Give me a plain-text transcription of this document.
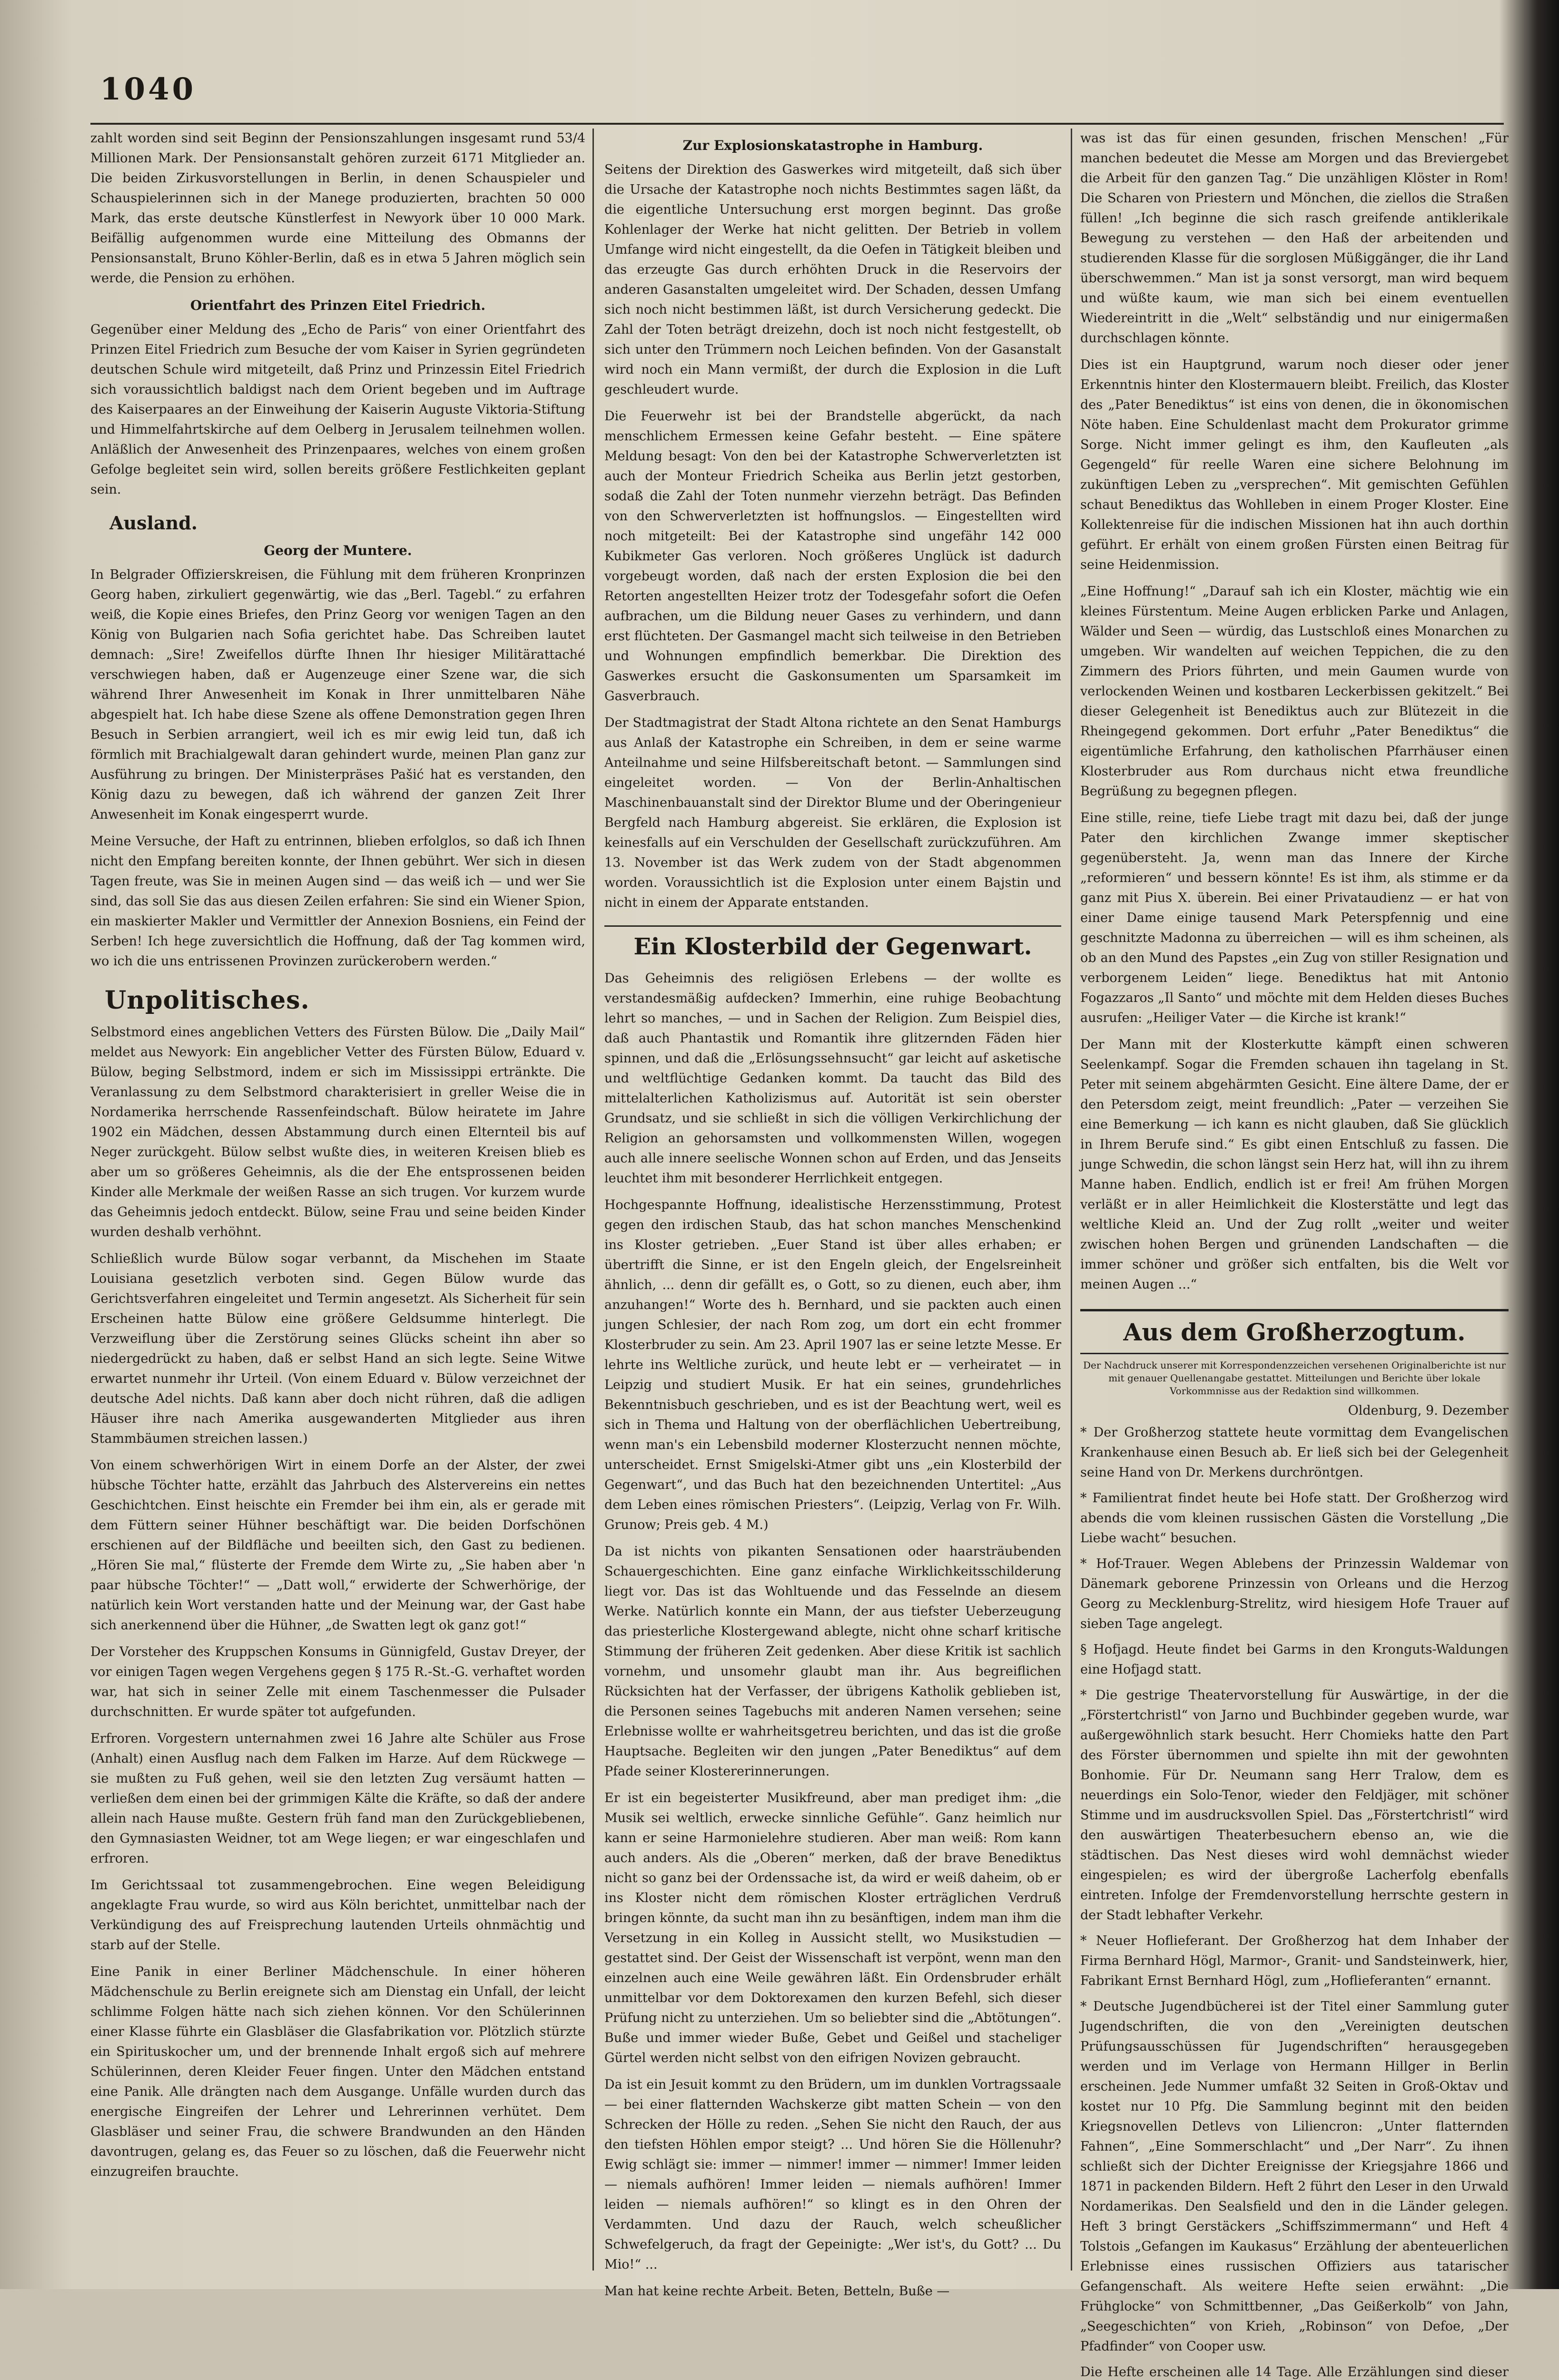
1040

zahlt worden sind seit Beginn der Pensionszahlungen insgesamt rund 53/4 Millionen Mark. Der Pensionsanstalt gehören zurzeit 6171 Mitglieder an. Die beiden Zirkusvorstellungen in Berlin, in denen Schauspieler und Schauspielerinnen sich in der Manege produzierten, brachten 50 000 Mark, das erste deutsche Künstlerfest in Newyork über 10 000 Mark. Beifällig aufgenommen wurde eine Mitteilung des Obmanns der Pensionsanstalt, Bruno Köhler-Berlin, daß es in etwa 5 Jahren möglich sein werde, die Pension zu erhöhen.

Orientfahrt des Prinzen Eitel Friedrich.

Gegenüber einer Meldung des „Echo de Paris“ von einer Orientfahrt des Prinzen Eitel Friedrich zum Besuche der vom Kaiser in Syrien gegründeten deutschen Schule wird mitgeteilt, daß Prinz und Prinzessin Eitel Friedrich sich voraussichtlich baldigst nach dem Orient begeben und im Auftrage des Kaiserpaares an der Einweihung der Kaiserin Auguste Viktoria-Stiftung und Himmelfahrtskirche auf dem Oelberg in Jerusalem teilnehmen wollen. Anläßlich der Anwesenheit des Prinzenpaares, welches von einem großen Gefolge begleitet sein wird, sollen bereits größere Festlichkeiten geplant sein.

Ausland.
Georg der Muntere.

In Belgrader Offizierskreisen, die Fühlung mit dem früheren Kronprinzen Georg haben, zirkuliert gegenwärtig, wie das „Berl. Tagebl.“ zu erfahren weiß, die Kopie eines Briefes, den Prinz Georg vor wenigen Tagen an den König von Bulgarien nach Sofia gerichtet habe. Das Schreiben lautet demnach: „Sire! Zweifellos dürfte Ihnen Ihr hiesiger Militärattaché verschwiegen haben, daß er Augenzeuge einer Szene war, die sich während Ihrer Anwesenheit im Konak in Ihrer unmittelbaren Nähe abgespielt hat. Ich habe diese Szene als offene Demonstration gegen Ihren Besuch in Serbien arrangiert, weil ich es mir ewig leid tun, daß ich förmlich mit Brachialgewalt daran gehindert wurde, meinen Plan ganz zur Ausführung zu bringen. Der Ministerpräses Pašić hat es verstanden, den König dazu zu bewegen, daß ich während der ganzen Zeit Ihrer Anwesenheit im Konak eingesperrt wurde.

Meine Versuche, der Haft zu entrinnen, blieben erfolglos, so daß ich Ihnen nicht den Empfang bereiten konnte, der Ihnen gebührt. Wer sich in diesen Tagen freute, was Sie in meinen Augen sind — das weiß ich — und wer Sie sind, das soll Sie das aus diesen Zeilen erfahren: Sie sind ein Wiener Spion, ein maskierter Makler und Vermittler der Annexion Bosniens, ein Feind der Serben! Ich hege zuversichtlich die Hoffnung, daß der Tag kommen wird, wo ich die uns entrissenen Provinzen zurückerobern werden.“

Unpolitisches.

Selbstmord eines angeblichen Vetters des Fürsten Bülow. Die „Daily Mail“ meldet aus Newyork: Ein angeblicher Vetter des Fürsten Bülow, Eduard v. Bülow, beging Selbstmord, indem er sich im Mississippi ertränkte. Die Veranlassung zu dem Selbstmord charakterisiert in greller Weise die in Nordamerika herrschende Rassenfeindschaft. Bülow heiratete im Jahre 1902 ein Mädchen, dessen Abstammung durch einen Elternteil bis auf Neger zurückgeht. Bülow selbst wußte dies, in weiteren Kreisen blieb es aber um so größeres Geheimnis, als die der Ehe entsprossenen beiden Kinder alle Merkmale der weißen Rasse an sich trugen. Vor kurzem wurde das Geheimnis jedoch entdeckt. Bülow, seine Frau und seine beiden Kinder wurden deshalb verhöhnt.

Schließlich wurde Bülow sogar verbannt, da Mischehen im Staate Louisiana gesetzlich verboten sind. Gegen Bülow wurde das Gerichtsverfahren eingeleitet und Termin angesetzt. Als Sicherheit für sein Erscheinen hatte Bülow eine größere Geldsumme hinterlegt. Die Verzweiflung über die Zerstörung seines Glücks scheint ihn aber so niedergedrückt zu haben, daß er selbst Hand an sich legte. Seine Witwe erwartet nunmehr ihr Urteil. (Von einem Eduard v. Bülow verzeichnet der deutsche Adel nichts. Daß kann aber doch nicht rühren, daß die adligen Häuser ihre nach Amerika ausgewanderten Mitglieder aus ihren Stammbäumen streichen lassen.)

Von einem schwerhörigen Wirt in einem Dorfe an der Alster, der zwei hübsche Töchter hatte, erzählt das Jahrbuch des Alstervereins ein nettes Geschichtchen. Einst heischte ein Fremder bei ihm ein, als er gerade mit dem Füttern seiner Hühner beschäftigt war. Die beiden Dorfschönen erschienen auf der Bildfläche und beeilten sich, den Gast zu bedienen. „Hören Sie mal,“ flüsterte der Fremde dem Wirte zu, „Sie haben aber 'n paar hübsche Töchter!“ — „Datt woll,“ erwiderte der Schwerhörige, der natürlich kein Wort verstanden hatte und der Meinung war, der Gast habe sich anerkennend über die Hühner, „de Swatten legt ok ganz got!“

Der Vorsteher des Kruppschen Konsums in Günnigfeld, Gustav Dreyer, der vor einigen Tagen wegen Vergehens gegen § 175 R.-St.-G. verhaftet worden war, hat sich in seiner Zelle mit einem Taschenmesser die Pulsader durchschnitten. Er wurde später tot aufgefunden.

Erfroren. Vorgestern unternahmen zwei 16 Jahre alte Schüler aus Frose (Anhalt) einen Ausflug nach dem Falken im Harze. Auf dem Rückwege — sie mußten zu Fuß gehen, weil sie den letzten Zug versäumt hatten — verließen dem einen bei der grimmigen Kälte die Kräfte, so daß der andere allein nach Hause mußte. Gestern früh fand man den Zurückgebliebenen, den Gymnasiasten Weidner, tot am Wege liegen; er war eingeschlafen und erfroren.

Im Gerichtssaal tot zusammengebrochen. Eine wegen Beleidigung angeklagte Frau wurde, so wird aus Köln berichtet, unmittelbar nach der Verkündigung des auf Freisprechung lautenden Urteils ohnmächtig und starb auf der Stelle.

Eine Panik in einer Berliner Mädchenschule. In einer höheren Mädchenschule zu Berlin ereignete sich am Dienstag ein Unfall, der leicht schlimme Folgen hätte nach sich ziehen können. Vor den Schülerinnen einer Klasse führte ein Glasbläser die Glasfabrikation vor. Plötzlich stürzte ein Spirituskocher um, und der brennende Inhalt ergoß sich auf mehrere Schülerinnen, deren Kleider Feuer fingen. Unter den Mädchen entstand eine Panik. Alle drängten nach dem Ausgange. Unfälle wurden durch das energische Eingreifen der Lehrer und Lehrerinnen verhütet. Dem Glasbläser und seiner Frau, die schwere Brandwunden an den Händen davontrugen, gelang es, das Feuer so zu löschen, daß die Feuerwehr nicht einzugreifen brauchte.

Zur Explosionskatastrophe in Hamburg.

Seitens der Direktion des Gaswerkes wird mitgeteilt, daß sich über die Ursache der Katastrophe noch nichts Bestimmtes sagen läßt, da die eigentliche Untersuchung erst morgen beginnt. Das große Kohlenlager der Werke hat nicht gelitten. Der Betrieb in vollem Umfange wird nicht eingestellt, da die Oefen in Tätigkeit bleiben und das erzeugte Gas durch erhöhten Druck in die Reservoirs der anderen Gasanstalten umgeleitet wird. Der Schaden, dessen Umfang sich noch nicht bestimmen läßt, ist durch Versicherung gedeckt. Die Zahl der Toten beträgt dreizehn, doch ist noch nicht festgestellt, ob sich unter den Trümmern noch Leichen befinden. Von der Gasanstalt wird noch ein Mann vermißt, der durch die Explosion in die Luft geschleudert wurde.

Die Feuerwehr ist bei der Brandstelle abgerückt, da nach menschlichem Ermessen keine Gefahr besteht. — Eine spätere Meldung besagt: Von den bei der Katastrophe Schwerverletzten ist auch der Monteur Friedrich Scheika aus Berlin jetzt gestorben, sodaß die Zahl der Toten nunmehr vierzehn beträgt. Das Befinden von den Schwerverletzten ist hoffnungslos. — Eingestellten wird noch mitgeteilt: Bei der Katastrophe sind ungefähr 142 000 Kubikmeter Gas verloren. Noch größeres Unglück ist dadurch vorgebeugt worden, daß nach der ersten Explosion die bei den Retorten angestellten Heizer trotz der Todesgefahr sofort die Oefen aufbrachen, um die Bildung neuer Gases zu verhindern, und dann erst flüchteten. Der Gasmangel macht sich teilweise in den Betrieben und Wohnungen empfindlich bemerkbar. Die Direktion des Gaswerkes ersucht die Gaskonsumenten um Sparsamkeit im Gasverbrauch.

Der Stadtmagistrat der Stadt Altona richtete an den Senat Hamburgs aus Anlaß der Katastrophe ein Schreiben, in dem er seine warme Anteilnahme und seine Hilfsbereitschaft betont. — Sammlungen sind eingeleitet worden. — Von der Berlin-Anhaltischen Maschinenbauanstalt sind der Direktor Blume und der Oberingenieur Bergfeld nach Hamburg abgereist. Sie erklären, die Explosion ist keinesfalls auf ein Verschulden der Gesellschaft zurückzuführen. Am 13. November ist das Werk zudem von der Stadt abgenommen worden. Voraussichtlich ist die Explosion unter einem Bajstin und nicht in einem der Apparate entstanden.

Ein Klosterbild der Gegenwart.

Das Geheimnis des religiösen Erlebens — der wollte es verstandesmäßig aufdecken? Immerhin, eine ruhige Beobachtung lehrt so manches, — und in Sachen der Religion. Zum Beispiel dies, daß auch Phantastik und Romantik ihre glitzernden Fäden hier spinnen, und daß die „Erlösungssehnsucht“ gar leicht auf asketische und weltflüchtige Gedanken kommt. Da taucht das Bild des mittelalterlichen Katholizismus auf. Autorität ist sein oberster Grundsatz, und sie schließt in sich die völligen Verkirchlichung der Religion an gehorsamsten und vollkommensten Willen, wogegen auch alle innere seelische Wonnen schon auf Erden, und das Jenseits leuchtet ihm mit besonderer Herrlichkeit entgegen.

Hochgespannte Hoffnung, idealistische Herzensstimmung, Protest gegen den irdischen Staub, das hat schon manches Menschenkind ins Kloster getrieben. „Euer Stand ist über alles erhaben; er übertrifft die Sinne, er ist den Engeln gleich, der Engelsreinheit ähnlich, ... denn dir gefällt es, o Gott, so zu dienen, euch aber, ihm anzuhangen!“ Worte des h. Bernhard, und sie packten auch einen jungen Schlesier, der nach Rom zog, um dort ein echt frommer Klosterbruder zu sein. Am 23. April 1907 las er seine letzte Messe. Er lehrte ins Weltliche zurück, und heute lebt er — verheiratet — in Leipzig und studiert Musik. Er hat ein seines, grundehrliches Bekenntnisbuch geschrieben, und es ist der Beachtung wert, weil es sich in Thema und Haltung von der oberflächlichen Uebertreibung, wenn man's ein Lebensbild moderner Klosterzucht nennen möchte, unterscheidet. Ernst Smigelski-Atmer gibt uns „ein Klosterbild der Gegenwart“, und das Buch hat den bezeichnenden Untertitel: „Aus dem Leben eines römischen Priesters“. (Leipzig, Verlag von Fr. Wilh. Grunow; Preis geb. 4 M.)

Da ist nichts von pikanten Sensationen oder haarsträubenden Schauergeschichten. Eine ganz einfache Wirklichkeitsschilderung liegt vor. Das ist das Wohltuende und das Fesselnde an diesem Werke. Natürlich konnte ein Mann, der aus tiefster Ueberzeugung das priesterliche Klostergewand ablegte, nicht ohne scharf kritische Stimmung der früheren Zeit gedenken. Aber diese Kritik ist sachlich vornehm, und unsomehr glaubt man ihr. Aus begreiflichen Rücksichten hat der Verfasser, der übrigens Katholik geblieben ist, die Personen seines Tagebuchs mit anderen Namen versehen; seine Erlebnisse wollte er wahrheitsgetreu berichten, und das ist die große Hauptsache. Begleiten wir den jungen „Pater Benediktus“ auf dem Pfade seiner Klostererinnerungen.

Er ist ein begeisterter Musikfreund, aber man prediget ihm: „die Musik sei weltlich, erwecke sinnliche Gefühle“. Ganz heimlich nur kann er seine Harmonielehre studieren. Aber man weiß: Rom kann auch anders. Als die „Oberen“ merken, daß der brave Benediktus nicht so ganz bei der Ordenssache ist, da wird er weiß daheim, ob er ins Kloster nicht dem römischen Kloster erträglichen Verdruß bringen könnte, da sucht man ihn zu besänftigen, indem man ihm die Versetzung in ein Kolleg in Aussicht stellt, wo Musikstudien — gestattet sind. Der Geist der Wissenschaft ist verpönt, wenn man den einzelnen auch eine Weile gewähren läßt. Ein Ordensbruder erhält unmittelbar vor dem Doktorexamen den kurzen Befehl, sich dieser Prüfung nicht zu unterziehen. Um so beliebter sind die „Abtötungen“. Buße und immer wieder Buße, Gebet und Geißel und stacheliger Gürtel werden nicht selbst von den eifrigen Novizen gebraucht.

Da ist ein Jesuit kommt zu den Brüdern, um im dunklen Vortragssaale — bei einer flatternden Wachskerze gibt matten Schein — von den Schrecken der Hölle zu reden. „Sehen Sie nicht den Rauch, der aus den tiefsten Höhlen empor steigt? ... Und hören Sie die Höllenuhr? Ewig schlägt sie: immer — nimmer! immer — nimmer! Immer leiden — niemals aufhören! Immer leiden — niemals aufhören! Immer leiden — niemals aufhören!“ so klingt es in den Ohren der Verdammten. Und dazu der Rauch, welch scheußlicher Schwefelgeruch, da fragt der Gepeinigte: „Wer ist's, du Gott? ... Du Mio!“ ...

Man hat keine rechte Arbeit. Beten, Betteln, Buße —

was ist das für einen gesunden, frischen Menschen! „Für manchen bedeutet die Messe am Morgen und das Breviergebet die Arbeit für den ganzen Tag.“ Die unzähligen Klöster in Rom! Die Scharen von Priestern und Mönchen, die ziellos die Straßen füllen! „Ich beginne die sich rasch greifende antiklerikale Bewegung zu verstehen — den Haß der arbeitenden und studierenden Klasse für die sorglosen Müßiggänger, die ihr Land überschwemmen.“ Man ist ja sonst versorgt, man wird bequem und wüßte kaum, wie man sich bei einem eventuellen Wiedereintritt in die „Welt“ selbständig und nur einigermaßen durchschlagen könnte.

Dies ist ein Hauptgrund, warum noch dieser oder jener Erkenntnis hinter den Klostermauern bleibt. Freilich, das Kloster des „Pater Benediktus“ ist eins von denen, die in ökonomischen Nöte haben. Eine Schuldenlast macht dem Prokurator grimme Sorge. Nicht immer gelingt es ihm, den Kaufleuten „als Gegengeld“ für reelle Waren eine sichere Belohnung im zukünftigen Leben zu „versprechen“. Mit gemischten Gefühlen schaut Benediktus das Wohlleben in einem Proger Kloster. Eine Kollektenreise für die indischen Missionen hat ihn auch dorthin geführt. Er erhält von einem großen Fürsten einen Beitrag für seine Heidenmission.

„Eine Hoffnung!“ „Darauf sah ich ein Kloster, mächtig wie ein kleines Fürstentum. Meine Augen erblicken Parke und Anlagen, Wälder und Seen — würdig, das Lustschloß eines Monarchen zu umgeben. Wir wandelten auf weichen Teppichen, die zu den Zimmern des Priors führten, und mein Gaumen wurde von verlockenden Weinen und kostbaren Leckerbissen gekitzelt.“ Bei dieser Gelegenheit ist Benediktus auch zur Blütezeit in die Rheingegend gekommen. Dort erfuhr „Pater Benediktus“ die eigentümliche Erfahrung, den katholischen Pfarrhäuser einen Klosterbruder aus Rom durchaus nicht etwa freundliche Begrüßung zu begegnen pflegen.

Eine stille, reine, tiefe Liebe tragt mit dazu bei, daß der junge Pater den kirchlichen Zwange immer skeptischer gegenübersteht. Ja, wenn man das Innere der Kirche „reformieren“ und bessern könnte! Es ist ihm, als stimme er da ganz mit Pius X. überein. Bei einer Privataudienz — er hat von einer Dame einige tausend Mark Peterspfennig und eine geschnitzte Madonna zu überreichen — will es ihm scheinen, als ob an den Mund des Papstes „ein Zug von stiller Resignation und verborgenem Leiden“ liege. Benediktus hat mit Antonio Fogazzaros „Il Santo“ und möchte mit dem Helden dieses Buches ausrufen: „Heiliger Vater — die Kirche ist krank!“

Der Mann mit der Klosterkutte kämpft einen schweren Seelenkampf. Sogar die Fremden schauen ihn tagelang in St. Peter mit seinem abgehärmten Gesicht. Eine ältere Dame, der er den Petersdom zeigt, meint freundlich: „Pater — verzeihen Sie eine Bemerkung — ich kann es nicht glauben, daß Sie glücklich in Ihrem Berufe sind.“ Es gibt einen Entschluß zu fassen. Die junge Schwedin, die schon längst sein Herz hat, will ihn zu ihrem Manne haben. Endlich, endlich ist er frei! Am frühen Morgen verläßt er in aller Heimlichkeit die Klosterstätte und legt das weltliche Kleid an. Und der Zug rollt „weiter und weiter zwischen hohen Bergen und grünenden Landschaften — die immer schöner und größer sich entfalten, bis die Welt vor meinen Augen ...“

Aus dem Großherzogtum.
Der Nachdruck unserer mit Korrespondenzzeichen versehenen Originalberichte ist nur mit genauer Quellenangabe gestattet. Mitteilungen und Berichte über lokale Vorkommnisse aus der Redaktion sind willkommen.
Oldenburg, 9. Dezember

* Der Großherzog stattete heute vormittag dem Evangelischen Krankenhause einen Besuch ab. Er ließ sich bei der Gelegenheit seine Hand von Dr. Merkens durchröntgen.

* Familientrat findet heute bei Hofe statt. Der Großherzog wird abends die vom kleinen russischen Gästen die Vorstellung „Die Liebe wacht“ besuchen.

* Hof-Trauer. Wegen Ablebens der Prinzessin Waldemar von Dänemark geborene Prinzessin von Orleans und die Herzog Georg zu Mecklenburg-Strelitz, wird hiesigem Hofe Trauer auf sieben Tage angelegt.

§ Hofjagd. Heute findet bei Garms in den Kronguts-Waldungen eine Hofjagd statt.

* Die gestrige Theatervorstellung für Auswärtige, in der die „Förstertchristl“ von Jarno und Buchbinder gegeben wurde, war außergewöhnlich stark besucht. Herr Chomieks hatte den Part des Förster übernommen und spielte ihn mit der gewohnten Bonhomie. Für Dr. Neumann sang Herr Tralow, dem es neuerdings ein Solo-Tenor, wieder den Feldjäger, mit schöner Stimme und im ausdrucksvollen Spiel. Das „Förstertchristl“ wird den auswärtigen Theaterbesuchern ebenso an, wie die städtischen. Das Nest dieses wird wohl demnächst wieder eingespielen; es wird der übergroße Lacherfolg ebenfalls eintreten. Infolge der Fremdenvorstellung herrschte gestern in der Stadt lebhafter Verkehr.

* Neuer Hoflieferant. Der Großherzog hat dem Inhaber der Firma Bernhard Högl, Marmor-, Granit- und Sandsteinwerk, hier, Fabrikant Ernst Bernhard Högl, zum „Hoflieferanten“ ernannt.

* Deutsche Jugendbücherei ist der Titel einer Sammlung guter Jugendschriften, die von den „Vereinigten deutschen Prüfungsausschüssen für Jugendschriften“ herausgegeben werden und im Verlage von Hermann Hillger in Berlin erscheinen. Jede Nummer umfaßt 32 Seiten in Groß-Oktav und kostet nur 10 Pfg. Die Sammlung beginnt mit den beiden Kriegsnovellen Detlevs von Liliencron: „Unter flatternden Fahnen“, „Eine Sommerschlacht“ und „Der Narr“. Zu ihnen schließt sich der Dichter Ereignisse der Kriegsjahre 1866 und 1871 in packenden Bildern. Heft 2 führt den Leser in den Urwald Nordamerikas. Den Sealsfield und den in die Länder gelegen. Heft 3 bringt Gerstäckers „Schiffszimmermann“ und Heft 4 Tolstois „Gefangen im Kaukasus“ Erzählung der abenteuerlichen Erlebnisse eines russischen Offiziers aus tatarischer Gefangenschaft. Als weitere Hefte seien erwähnt: „Die Frühglocke“ von Schmittbenner, „Das Geißerkolb“ von Jahn, „Seegeschichten“ von Krieh, „Robinson“ von Defoe, „Der Pfadfinder“ von Cooper usw.

Die Hefte erscheinen alle 14 Tage. Alle Erzählungen sind dieser
